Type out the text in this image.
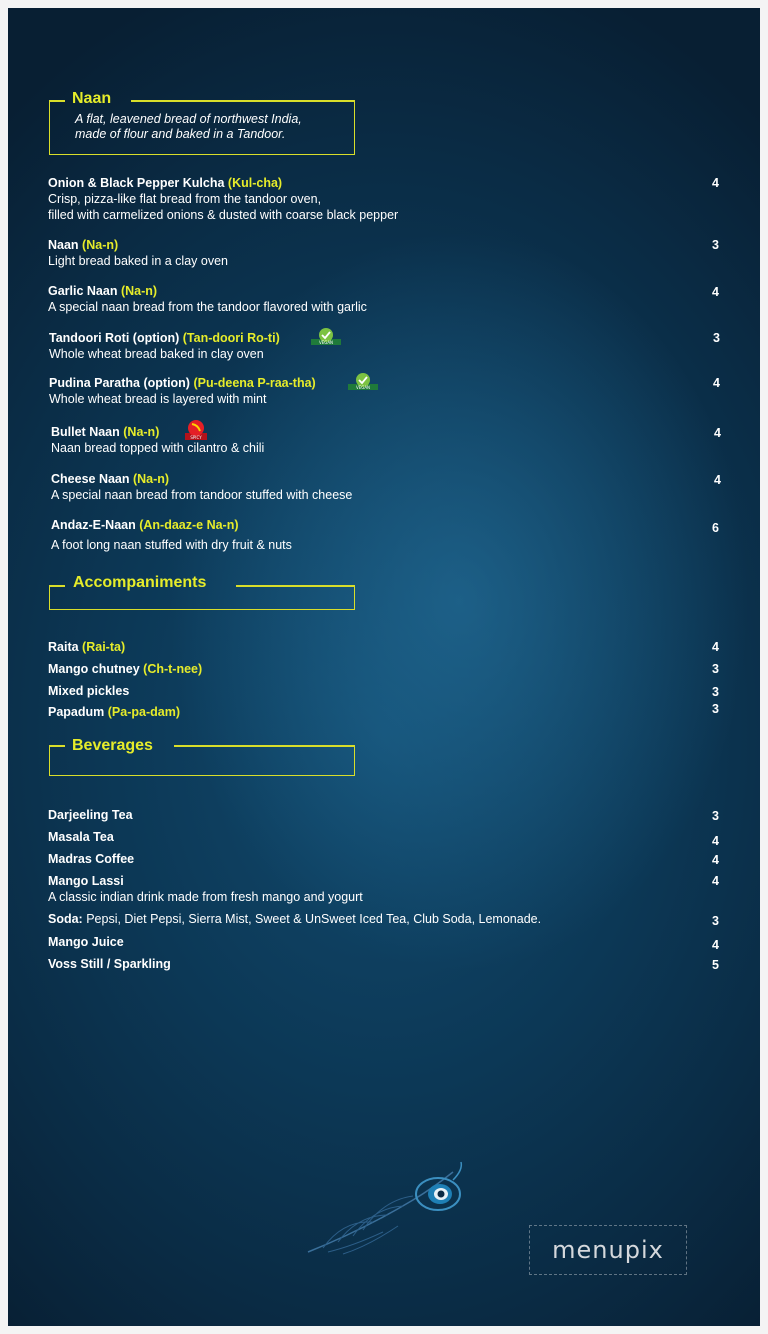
Naan
A flat, leavened bread of northwest India,
made of flour and baked in a Tandoor.
Onion & Black Pepper Kulcha (Kul-cha)	4
Crisp, pizza-like flat bread from the tandoor oven,
filled with carmelized onions & dusted with coarse black pepper
Naan (Na-n)	3
Light bread baked in a clay oven
Garlic Naan (Na-n)	4
A special naan bread from the tandoor flavored with garlic
Tandoori Roti (option) (Tan-doori Ro-ti)	VEGAN	3
Whole wheat bread baked in clay oven
Pudina Paratha (option) (Pu-deena P-raa-tha)	VEGAN	4
Whole wheat bread is layered with mint
Bullet Naan (Na-n)	SPICY	4
Naan bread topped with cilantro & chili
Cheese Naan (Na-n)	4
A special naan bread from tandoor stuffed with cheese
Andaz-E-Naan (An-daaz-e Na-n)	6
A foot long naan stuffed with dry fruit & nuts
Accompaniments
Raita (Rai-ta)	4
Mango chutney (Ch-t-nee)	3
Mixed pickles	3
Papadum (Pa-pa-dam)	3
Beverages
Darjeeling Tea	3
Masala Tea	4
Madras Coffee	4
Mango Lassi	4
A classic indian drink made from fresh mango and yogurt
Soda: Pepsi, Diet Pepsi, Sierra Mist, Sweet & UnSweet Iced Tea, Club Soda, Lemonade.	3
Mango Juice	4
Voss Still / Sparkling	5
menupix
